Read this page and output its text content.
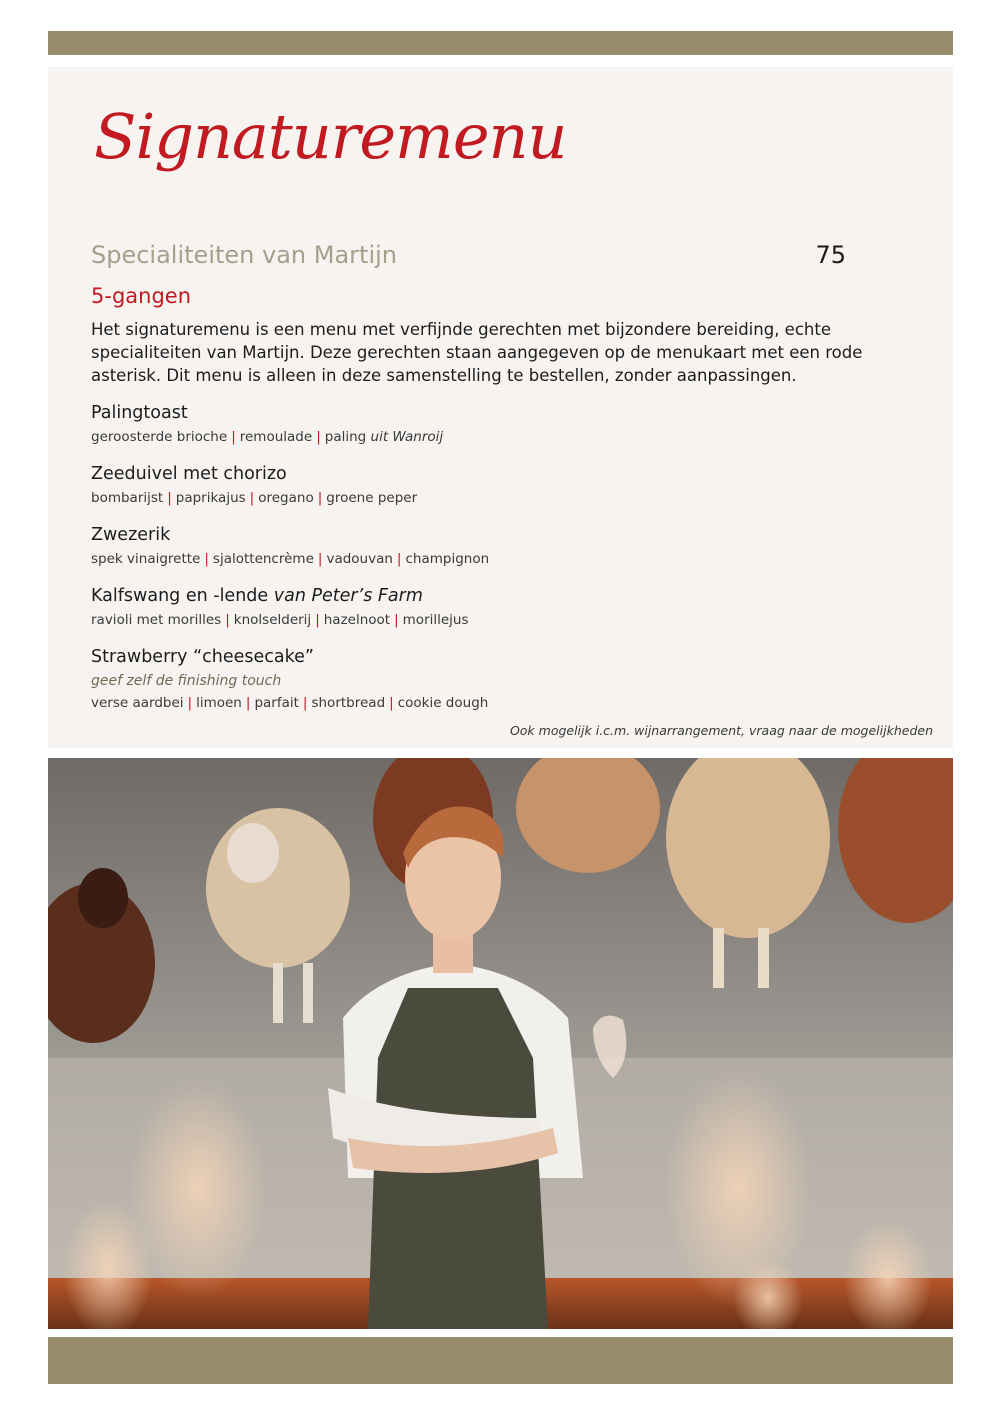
Signaturemenu
Specialiteiten van Martijn	75
5-gangen

Het signaturemenu is een menu met verfijnde gerechten met bijzondere bereiding, echte specialiteiten van Martijn. Deze gerechten staan aangegeven op de menukaart met een rode asterisk. Dit menu is alleen in deze samenstelling te bestellen, zonder aanpassingen.

Palingtoast
geroosterde brioche | remoulade | paling uit Wanroij
Zeeduivel met chorizo
bombarijst | paprikajus | oregano | groene peper
Zwezerik
spek vinaigrette | sjalottencrème | vadouvan | champignon
Kalfswang en -lende van Peter’s Farm
ravioli met morilles | knolselderij | hazelnoot | morillejus
Strawberry “cheesecake”
geef zelf de finishing touch
verse aardbei | limoen | parfait | shortbread | cookie dough
Ook mogelijk i.c.m. wijnarrangement, vraag naar de mogelijkheden
